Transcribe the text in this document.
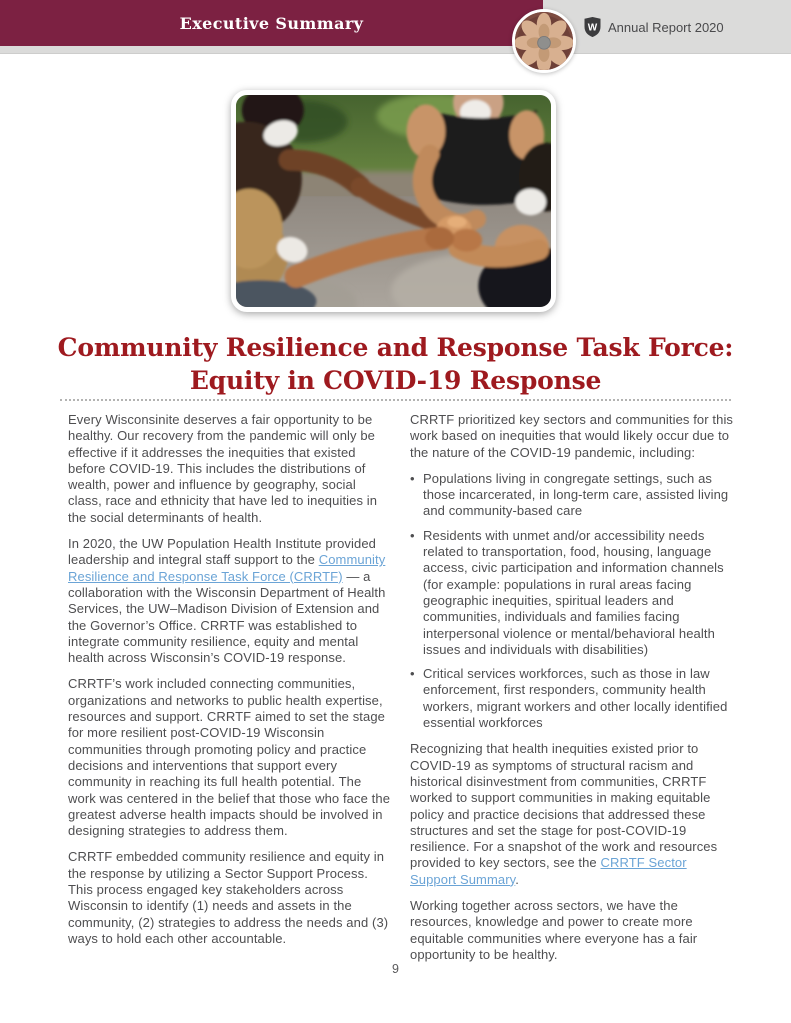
Executive Summary	W Annual Report 2020
Community Resilience and Response Task Force:
Equity in COVID-19 Response

Every Wisconsinite deserves a fair opportunity to be healthy. Our recovery from the pandemic will only be effective if it addresses the inequities that existed before COVID-19. This includes the distributions of wealth, power and influence by geography, social class, race and ethnicity that have led to inequities in the social determinants of health.

In 2020, the UW Population Health Institute provided leadership and integral staff support to the Community Resilience and Response Task Force (CRRTF) — a collaboration with the Wisconsin Department of Health Services, the UW–Madison Division of Extension and the Governor’s Office. CRRTF was established to integrate community resilience, equity and mental health across Wisconsin’s COVID-19 response.

CRRTF’s work included connecting communities, organizations and networks to public health expertise, resources and support. CRRTF aimed to set the stage for more resilient post-COVID-19 Wisconsin communities through promoting policy and practice decisions and interventions that support every community in reaching its full health potential. The work was centered in the belief that those who face the greatest adverse health impacts should be involved in designing strategies to address them.

CRRTF embedded community resilience and equity in the response by utilizing a Sector Support Process. This process engaged key stakeholders across Wisconsin to identify (1) needs and assets in the community, (2) strategies to address the needs and (3) ways to hold each other accountable.

CRRTF prioritized key sectors and communities for this work based on inequities that would likely occur due to the nature of the COVID-19 pandemic, including:

• Populations living in congregate settings, such as those incarcerated, in long-term care, assisted living and community-based care
• Residents with unmet and/or accessibility needs related to transportation, food, housing, language access, civic participation and information channels (for example: populations in rural areas facing geographic inequities, spiritual leaders and communities, individuals and families facing interpersonal violence or mental/behavioral health issues and individuals with disabilities)
• Critical services workforces, such as those in law enforcement, first responders, community health workers, migrant workers and other locally identified essential workforces

Recognizing that health inequities existed prior to COVID-19 as symptoms of structural racism and historical disinvestment from communities, CRRTF worked to support communities in making equitable policy and practice decisions that addressed these structures and set the stage for post-COVID-19 resilience. For a snapshot of the work and resources provided to key sectors, see the CRRTF Sector Support Summary.

Working together across sectors, we have the resources, knowledge and power to create more equitable communities where everyone has a fair opportunity to be healthy.

9
